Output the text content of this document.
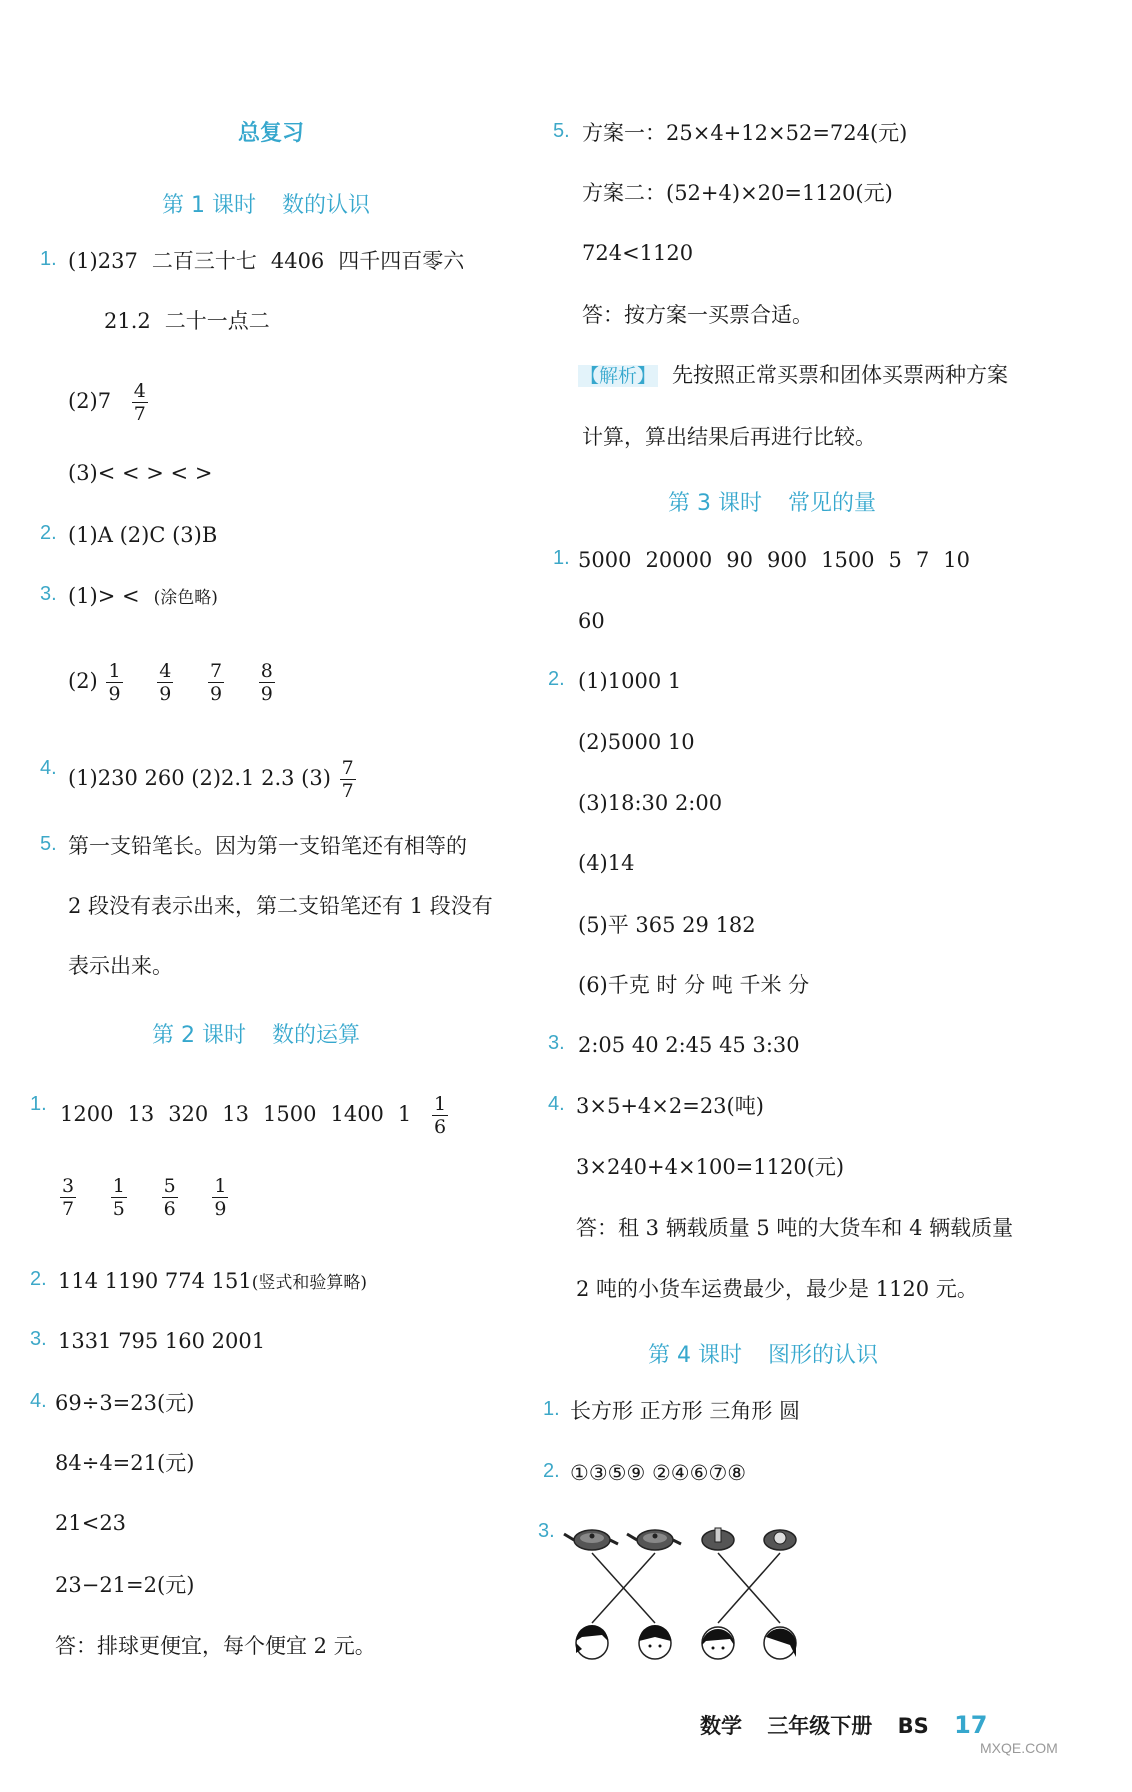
总复习
第 1 课时 数的认识
1. (1)237 二百三十七 4406 四千四百零六
21.2 二十一点二
$(2)7 \frac{4}{7}$
(3)< < > < >
2. (1)A (2)C (3)B
3. (1)> < (涂色略)
$(2) \frac{1}{9}$
$\frac{4}{9}$
$\frac{7}{9}$
$\frac{8}{9}$
4. (1)230 260 (2)2.1 2.3 $(3) \frac{7}{7}$
5. 第一支铅笔长。因为第一支铅笔还有相等的
2 段没有表示出来，第二支铅笔还有 1 段没有
表示出来。
第 2 课时 数的运算
1. 1200 13 320 13 1500 1400 $1 \frac{1}{6}$
$\frac{3}{7}$
$\frac{1}{5}$
$\frac{5}{6}$
$\frac{1}{9}$
2. 114 1190 774 151(竖式和验算略)
3. 1331 795 160 2001
4. 69÷3=23(元)
84÷4=21(元)
21<23
23−21=2(元)
答：排球更便宜，每个便宜 2 元。
5. 方案一：25×4+12×52=724(元)
方案二：(52+4)×20=1120(元)
724<1120
答：按方案一买票合适。
【解析】 先按照正常买票和团体买票两种方案
计算，算出结果后再进行比较。
第 3 课时 常见的量
1. 5000 20000 90 900 1500 5 7 10
60
2. (1)1000 1
(2)5000 10
(3)18:30 2:00
(4)14
(5)平 365 29 182
(6)千克 时 分 吨 千米 分
3. 2:05 40 2:45 45 3:30
4. 3×5+4×2=23(吨)
3×240+4×100=1120(元)
答：租 3 辆载质量 5 吨的大货车和 4 辆载质量
2 吨的小货车运费最少，最少是 1120 元。
第 4 课时 图形的认识
1. 长方形 正方形 三角形 圆
2. ①③⑤⑨ ②④⑥⑦⑧
3.
数学 三年级下册 BS 17
MXQE.COM
